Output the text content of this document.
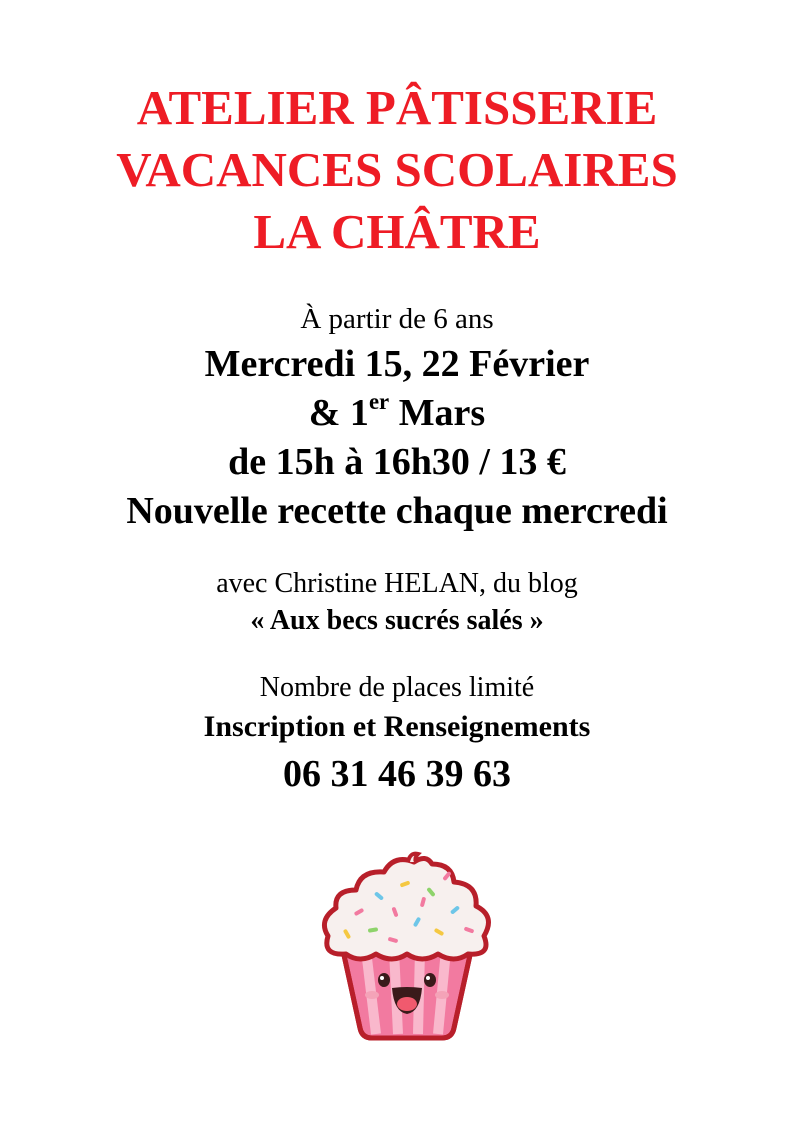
ATELIER PÂTISSERIE
VACANCES SCOLAIRES
LA CHÂTRE
À partir de 6 ans
Mercredi 15, 22 Février
& 1er Mars
de 15h à 16h30 / 13 €
Nouvelle recette chaque mercredi
avec Christine HELAN, du blog
« Aux becs sucrés salés »
Nombre de places limité
Inscription et Renseignements
06 31 46 39 63
